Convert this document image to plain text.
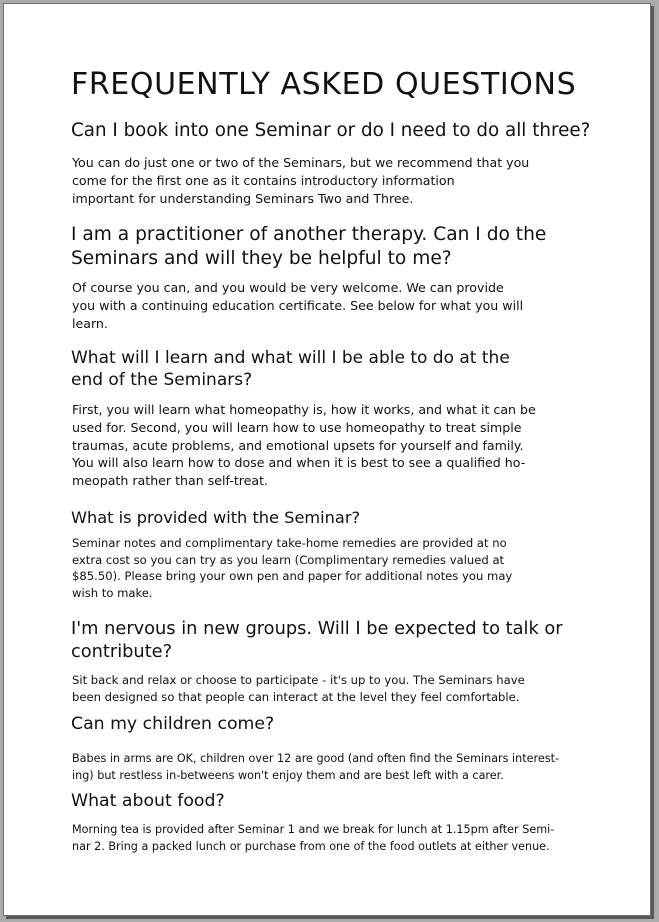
FREQUENTLY ASKED QUESTIONS
Can I book into one Seminar or do I need to do all three?

You can do just one or two of the Seminars, but we recommend that you
come for the first one as it contains introductory information
important for understanding Seminars Two and Three.

I am a practitioner of another therapy. Can I do the
Seminars and will they be helpful to me?

Of course you can, and you would be very welcome. We can provide
you with a continuing education certificate. See below for what you will
learn.

What will I learn and what will I be able to do at the
end of the Seminars?

First, you will learn what homeopathy is, how it works, and what it can be
used for. Second, you will learn how to use homeopathy to treat simple
traumas, acute problems, and emotional upsets for yourself and family.
You will also learn how to dose and when it is best to see a qualified ho-
meopath rather than self-treat.

What is provided with the Seminar?

Seminar notes and complimentary take-home remedies are provided at no
extra cost so you can try as you learn (Complimentary remedies valued at
$85.50). Please bring your own pen and paper for additional notes you may
wish to make.

I'm nervous in new groups. Will I be expected to talk or
contribute?

Sit back and relax or choose to participate - it's up to you. The Seminars have
been designed so that people can interact at the level they feel comfortable.

Can my children come?

Babes in arms are OK, children over 12 are good (and often find the Seminars interest-
ing) but restless in-betweens won't enjoy them and are best left with a carer.

What about food?

Morning tea is provided after Seminar 1 and we break for lunch at 1.15pm after Semi-
nar 2. Bring a packed lunch or purchase from one of the food outlets at either venue.
